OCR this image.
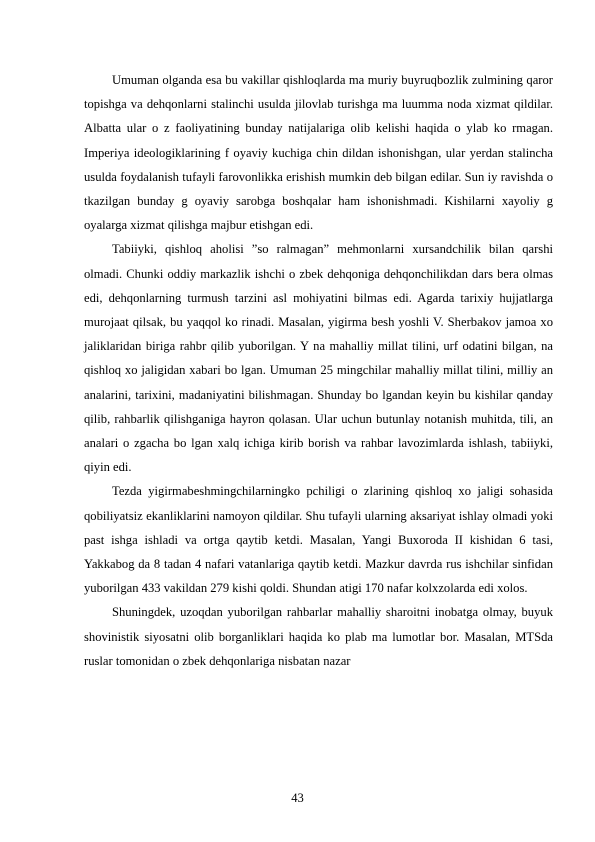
Umuman olganda esa bu vakillar qishloqlarda ma muriy buyruqbozlik zulmining qaror topishga va dehqonlarni stalinchi usulda jilovlab turishga ma luumma noda xizmat qildilar. Albatta ular o z faoliyatining bunday natijalariga olib kelishi haqida o ylab ko rmagan. Imperiya ideologiklarining f oyaviy kuchiga chin dildan ishonishgan, ular yerdan stalincha usulda foydalanish tufayli farovonlikka erishish mumkin deb bilgan edilar. Sun iy ravishda o tkazilgan bunday g oyaviy sarobga boshqalar ham ishonishmadi. Kishilarni xayoliy g oyalarga xizmat qilishga majbur etishgan edi.

Tabiiyki, qishloq aholisi ”so ralmagan” mehmonlarni xursandchilik bilan qarshi olmadi. Chunki oddiy markazlik ishchi o zbek dehqoniga dehqonchilikdan dars bera olmas edi, dehqonlarning turmush tarzini asl mohiyatini bilmas edi. Agarda tarixiy hujjatlarga murojaat qilsak, bu yaqqol ko rinadi. Masalan, yigirma besh yoshli V. Sherbakov jamoa xo jaliklaridan biriga rahbr qilib yuborilgan. Y na mahalliy millat tilini, urf odatini bilgan, na qishloq xo jaligidan xabari bo lgan. Umuman 25 mingchilar mahalliy millat tilini, milliy an analarini, tarixini, madaniyatini bilishmagan. Shunday bo lgandan keyin bu kishilar qanday qilib, rahbarlik qilishganiga hayron qolasan. Ular uchun butunlay notanish muhitda, tili, an analari o zgacha bo lgan xalq ichiga kirib borish va rahbar lavozimlarda ishlash, tabiiyki, qiyin edi.

Tezda yigirmabeshmingchilarningko pchiligi o zlarining qishloq xo jaligi sohasida qobiliyatsiz ekanliklarini namoyon qildilar. Shu tufayli ularning aksariyat ishlay olmadi yoki past ishga ishladi va ortga qaytib ketdi. Masalan, Yangi Buxoroda II kishidan 6 tasi, Yakkabog da 8 tadan 4 nafari vatanlariga qaytib ketdi. Mazkur davrda rus ishchilar sinfidan yuborilgan 433 vakildan 279 kishi qoldi. Shundan atigi 170 nafar kolxzolarda edi xolos.

Shuningdek, uzoqdan yuborilgan rahbarlar mahalliy sharoitni inobatga olmay, buyuk shovinistik siyosatni olib borganliklari haqida ko plab ma lumotlar bor. Masalan, MTSda ruslar tomonidan o zbek dehqonlariga nisbatan nazar

43
